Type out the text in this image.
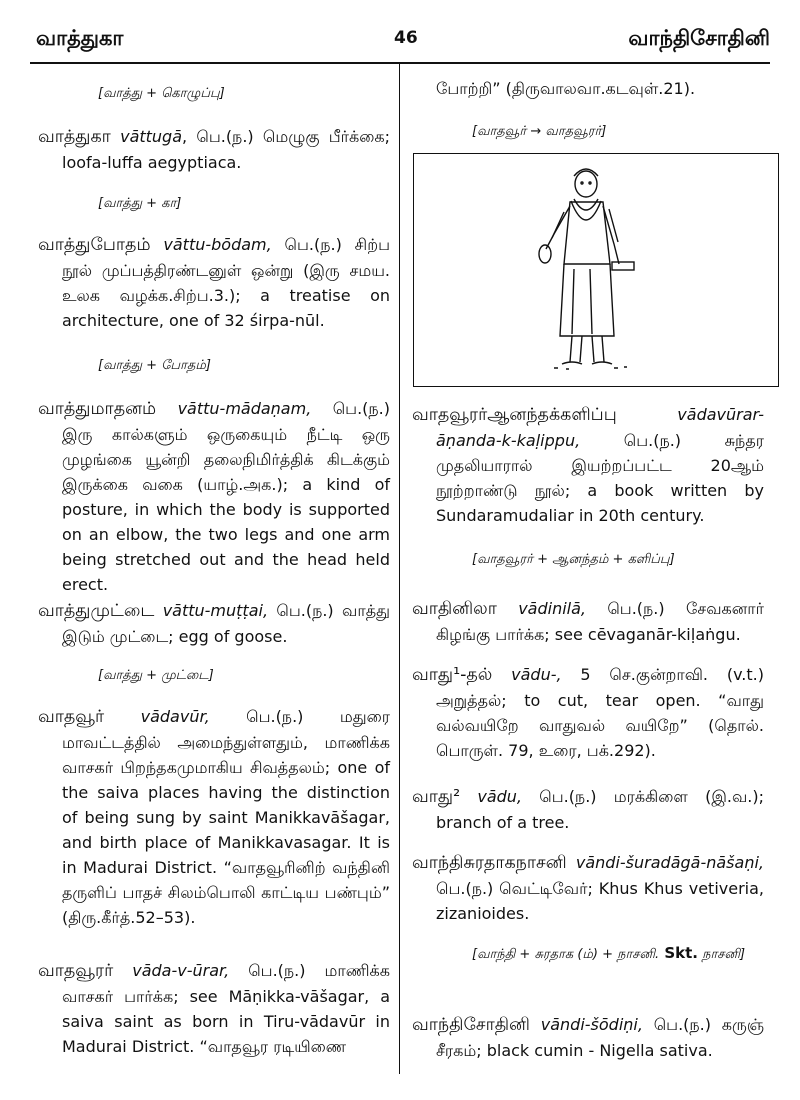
வாத்துகா	46	வாந்திசோதினி
[வாத்து + கொழுப்பு]
வாத்துகா vāttugā, பெ.(ந.) மெழுகு பீர்க்கை; loofa-luffa aegyptiaca.
[வாத்து + கா]
வாத்துபோதம் vāttu-bōdam, பெ.(ந.) சிற்ப நூல் முப்பத்திரண்டனுள் ஒன்று (இரு சமய. உலக வழக்க.சிற்ப.3.); a treatise on architecture, one of 32 śirpa-nūl.
[வாத்து + போதம்]
வாத்துமாதனம் vāttu-mādaṇam, பெ.(ந.) இரு கால்களும் ஒருகையும் நீட்டி ஒரு முழங்கை யூன்றி தலைநிமிர்த்திக் கிடக்கும் இருக்கை வகை (யாழ்.அக.); a kind of posture, in which the body is supported on an elbow, the two legs and one arm being stretched out and the head held erect.
வாத்துமுட்டை vāttu-muṭṭai, பெ.(ந.) வாத்து இடும் முட்டை; egg of goose.
[வாத்து + முட்டை]
வாதவூர் vādavūr, பெ.(ந.) மதுரை மாவட்டத்தில் அமைந்துள்ளதும், மாணிக்க வாசகர் பிறந்தகமுமாகிய சிவத்தலம்; one of the saiva places having the distinction of being sung by saint Manikkavāšagar, and birth place of Manikkavasagar. It is in Madurai District. “வாதவூரினிற் வந்தினி தருளிப் பாதச் சிலம்பொலி காட்டிய பண்பும்” (திரு.கீர்த்.52–53).
வாதவூரர் vāda-v-ūrar, பெ.(ந.) மாணிக்க வாசகர் பார்க்க; see Māṇikka-vāšagar, a saiva saint as born in Tiru-vādavūr in Madurai District. “வாதவூர ரடியிணை
போற்றி” (திருவாலவா.கடவுள்.21).
[வாதவூர் → வாதவூரர்]
வாதவூரர்ஆனந்தக்களிப்பு	vādavūrar-āṇanda-k-kaḷippu, பெ.(ந.) சுந்தர முதலியாரால் இயற்றப்பட்ட 20ஆம் நூற்றாண்டு நூல்; a book written by Sundaramudaliar in 20th century.
[வாதவூரர் + ஆனந்தம் + களிப்பு]
வாதினிலா vādinilā, பெ.(ந.) சேவகனார் கிழங்கு பார்க்க; see cēvaganār-kiḷaṅgu.
வாது¹-தல் vādu-, 5 செ.குன்றாவி. (v.t.) அறுத்தல்; to cut, tear open. “வாது வல்வயிறே வாதுவல் வயிறே” (தொல். பொருள். 79, உரை, பக்.292).
வாது² vādu, பெ.(ந.) மரக்கிளை (இ.வ.); branch of a tree.
வாந்திசுரதாகநாசனி vāndi-šuradāgā-nāšaṇi, பெ.(ந.) வெட்டிவேர்; Khus Khus vetiveria, zizanioides.
[வாந்தி + சுரதாக (ம்) + நாசனி. Skt. நாசனி]
வாந்திசோதினி vāndi-šōdiṇi, பெ.(ந.) கருஞ் சீரகம்; black cumin - Nigella sativa.
